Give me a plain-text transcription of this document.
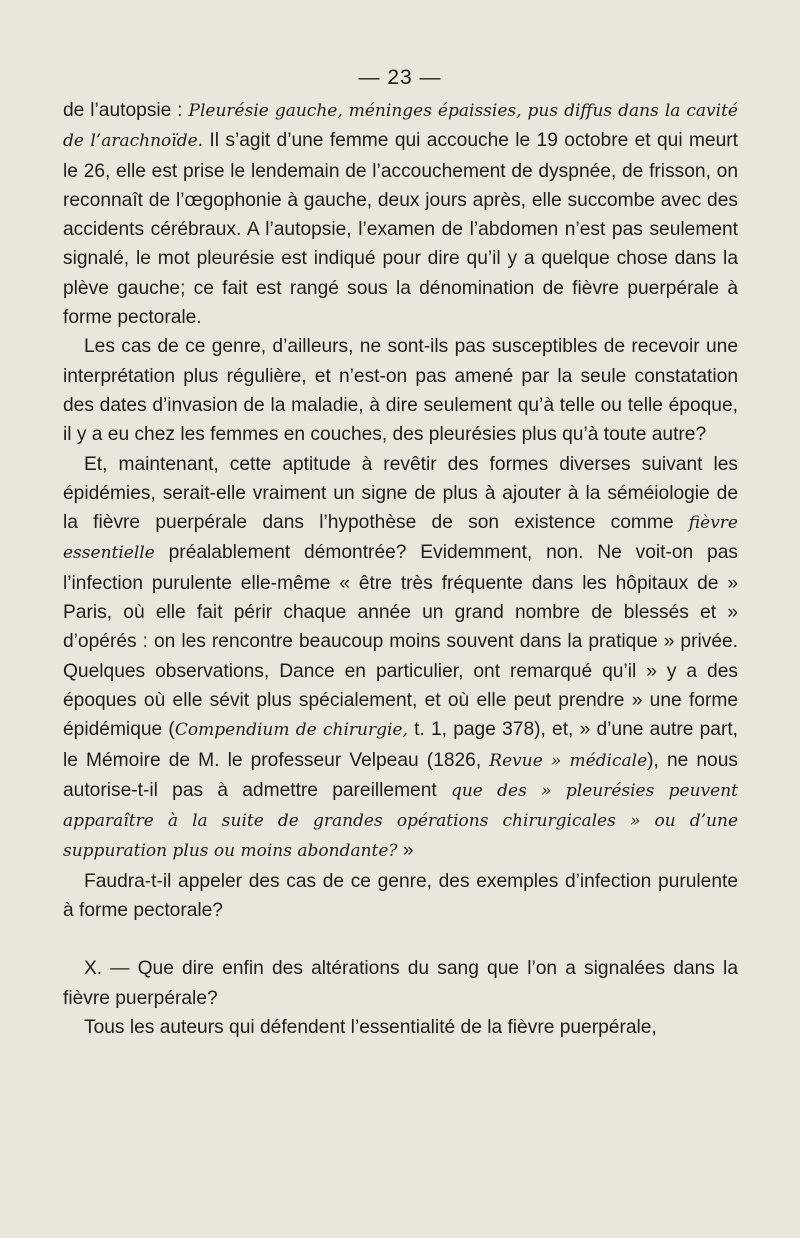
— 23 —

de l’autopsie : Pleurésie gauche, méninges épaissies, pus diffus dans la cavité de l’arachnoïde. Il s’agit d’une femme qui accouche le 19 octobre et qui meurt le 26, elle est prise le lendemain de l’accouchement de dyspnée, de frisson, on reconnaît de l’œgophonie à gauche, deux jours après, elle succombe avec des accidents cérébraux. A l’autopsie, l’examen de l’abdomen n’est pas seulement signalé, le mot pleurésie est indiqué pour dire qu’il y a quelque chose dans la plève gauche; ce fait est rangé sous la dénomination de fièvre puerpérale à forme pectorale.

Les cas de ce genre, d’ailleurs, ne sont-ils pas susceptibles de recevoir une interprétation plus régulière, et n’est-on pas amené par la seule constatation des dates d’invasion de la maladie, à dire seulement qu’à telle ou telle époque, il y a eu chez les femmes en couches, des pleurésies plus qu’à toute autre?

Et, maintenant, cette aptitude à revêtir des formes diverses suivant les épidémies, serait-elle vraiment un signe de plus à ajouter à la séméiologie de la fièvre puerpérale dans l’hypothèse de son existence comme fièvre essentielle préalablement démontrée? Evidemment, non. Ne voit-on pas l’infection purulente elle-même « être très fréquente dans les hôpitaux de » Paris, où elle fait périr chaque année un grand nombre de blessés et » d’opérés : on les rencontre beaucoup moins souvent dans la pratique » privée. Quelques observations, Dance en particulier, ont remarqué qu’il » y a des époques où elle sévit plus spécialement, et où elle peut prendre » une forme épidémique (Compendium de chirurgie, t. 1, page 378), et, » d’une autre part, le Mémoire de M. le professeur Velpeau (1826, Revue » médicale), ne nous autorise-t-il pas à admettre pareillement que des » pleurésies peuvent apparaître à la suite de grandes opérations chirurgicales » ou d’une suppuration plus ou moins abondante? »

Faudra-t-il appeler des cas de ce genre, des exemples d’infection purulente à forme pectorale?

X. — Que dire enfin des altérations du sang que l’on a signalées dans la fièvre puerpérale?

Tous les auteurs qui défendent l’essentialité de la fièvre puerpérale,
